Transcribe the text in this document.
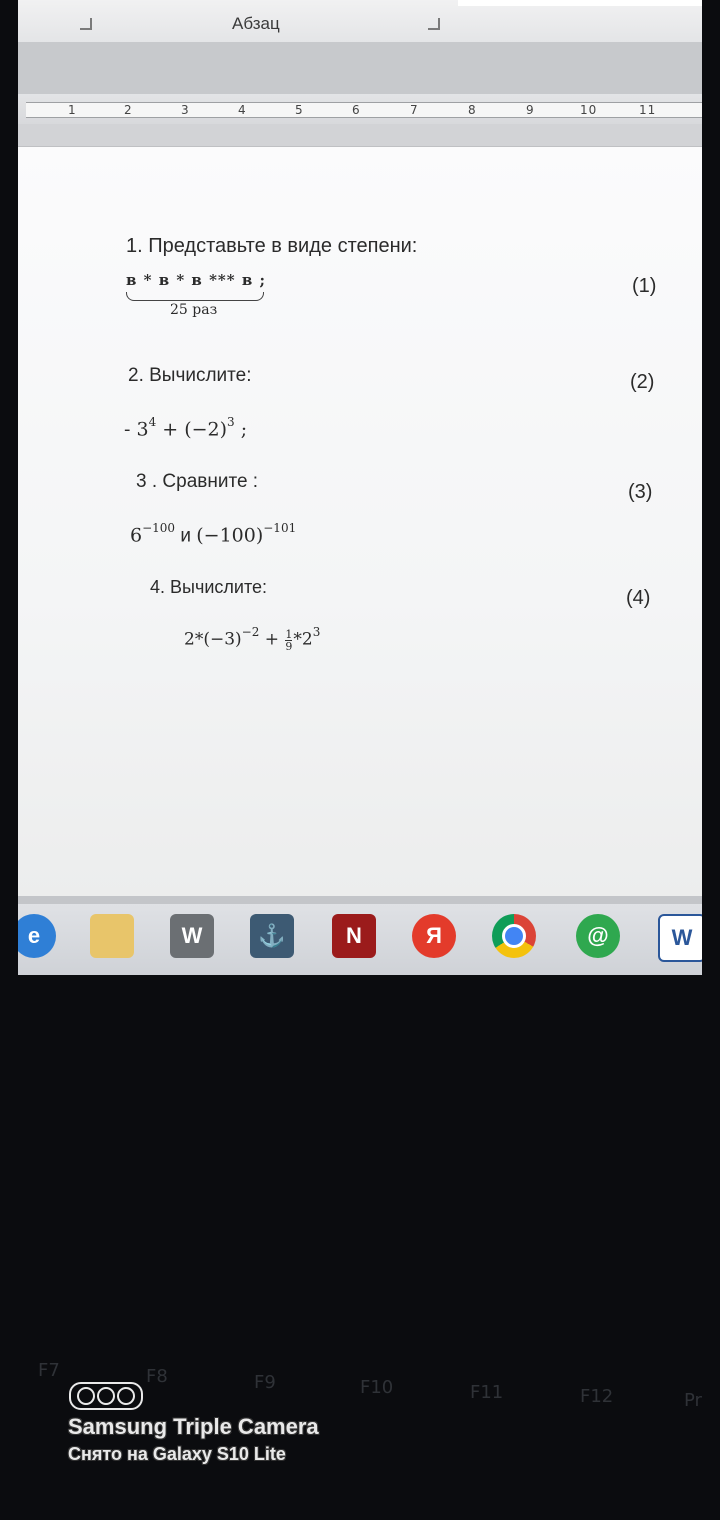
Абзац
1	2	3	4	5	6	7	8	9	10	11
1. Представьте в виде степени:
в * в * в *** в ;
25 раз
(1)
2. Вычислите:	(2)
- $3^4 + (-2)^3$ ;
3 . Сравните :	(3)
$6^{-100}$ и $(-100)^{-101}$
4. Вычислите:	(4)
$2*(-3)^{-2} + \frac{1}{9} *2^3$
e	W	⚓	N	Я	@	W
F7	F8	F9	F10	F11	F12	Pr
Samsung Triple Camera
Снято на Galaxy S10 Lite
